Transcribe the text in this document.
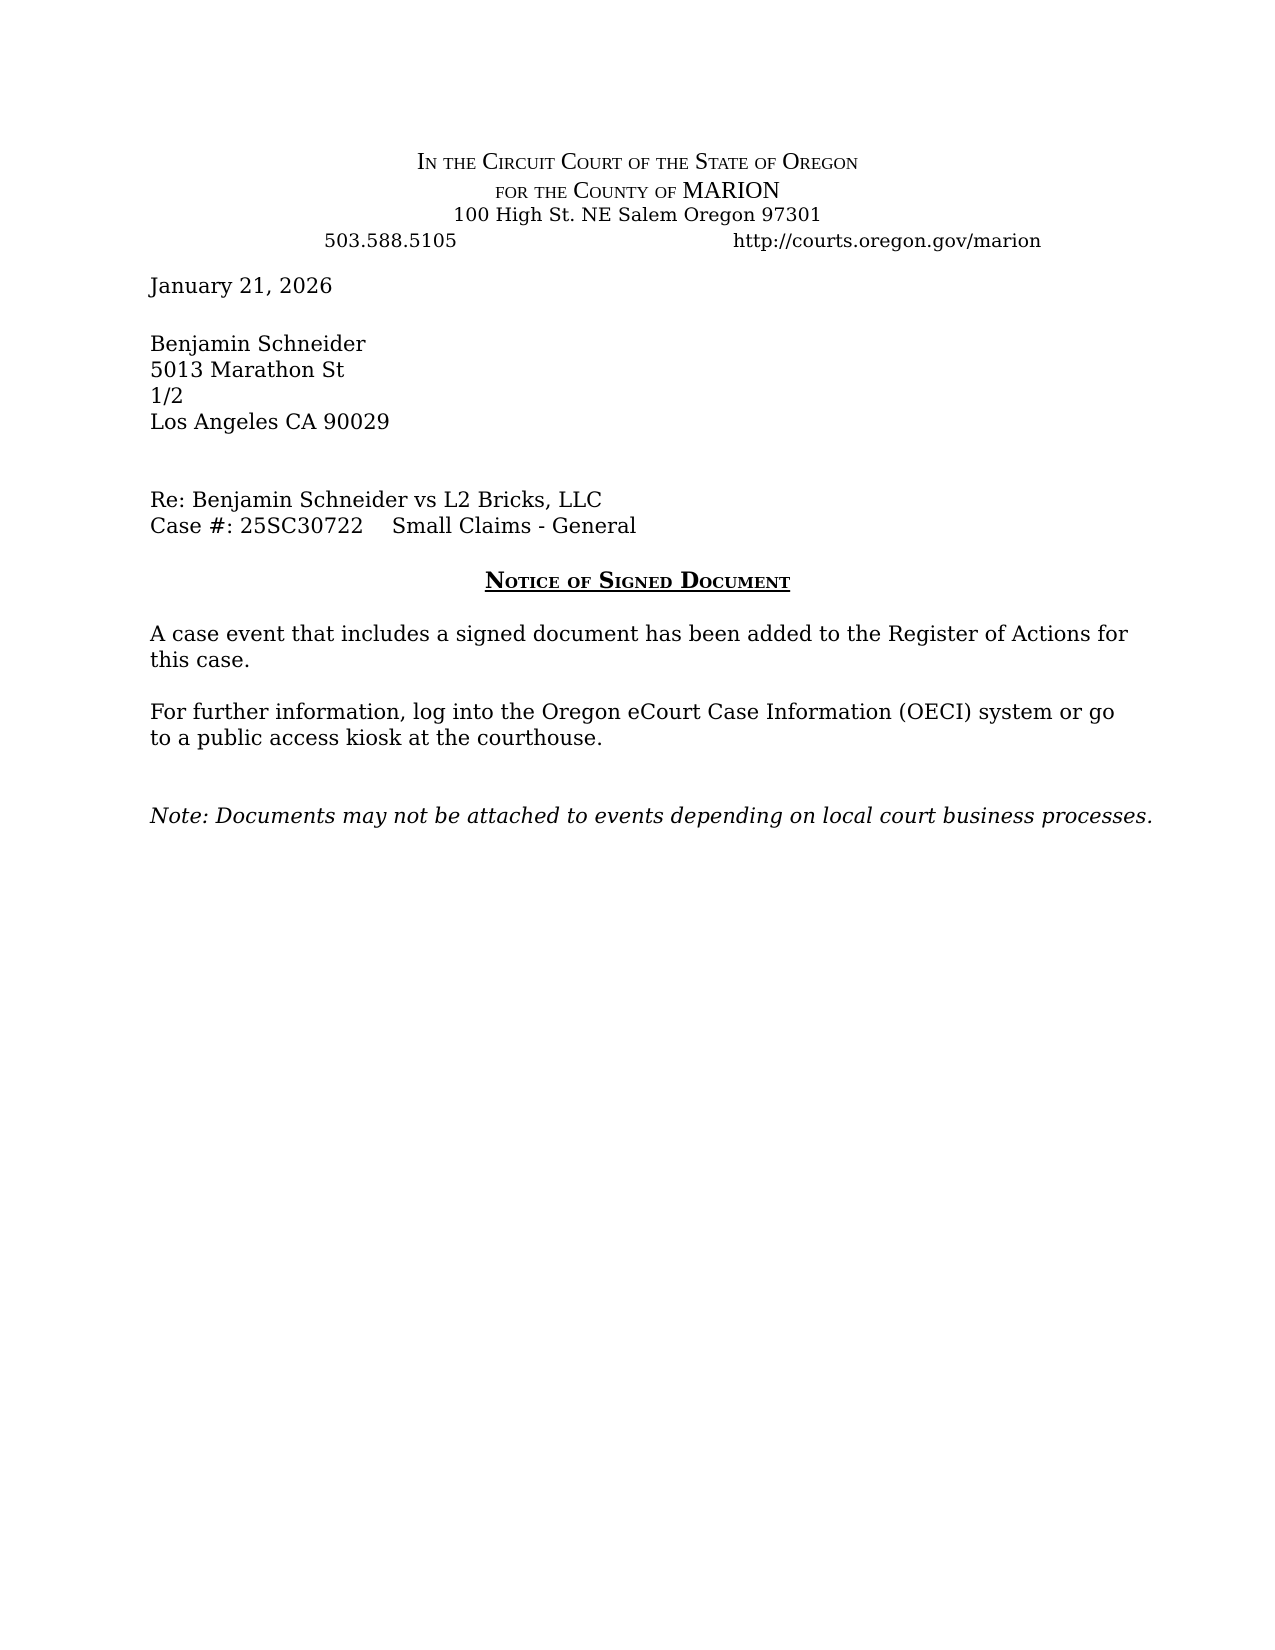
In the Circuit Court of the State of Oregon
for the County of MARION
100 High St. NE Salem Oregon 97301
503.588.5105	http://courts.oregon.gov/marion
January 21, 2026
Benjamin Schneider
5013 Marathon St
1/2
Los Angeles CA 90029
Re: Benjamin Schneider vs L2 Bricks, LLC
Case #: 25SC30722 Small Claims - General
Notice of Signed Document
A case event that includes a signed document has been added to the Register of Actions for this case.
For further information, log into the Oregon eCourt Case Information (OECI) system or go to a public access kiosk at the courthouse.
Note: Documents may not be attached to events depending on local court business processes.
